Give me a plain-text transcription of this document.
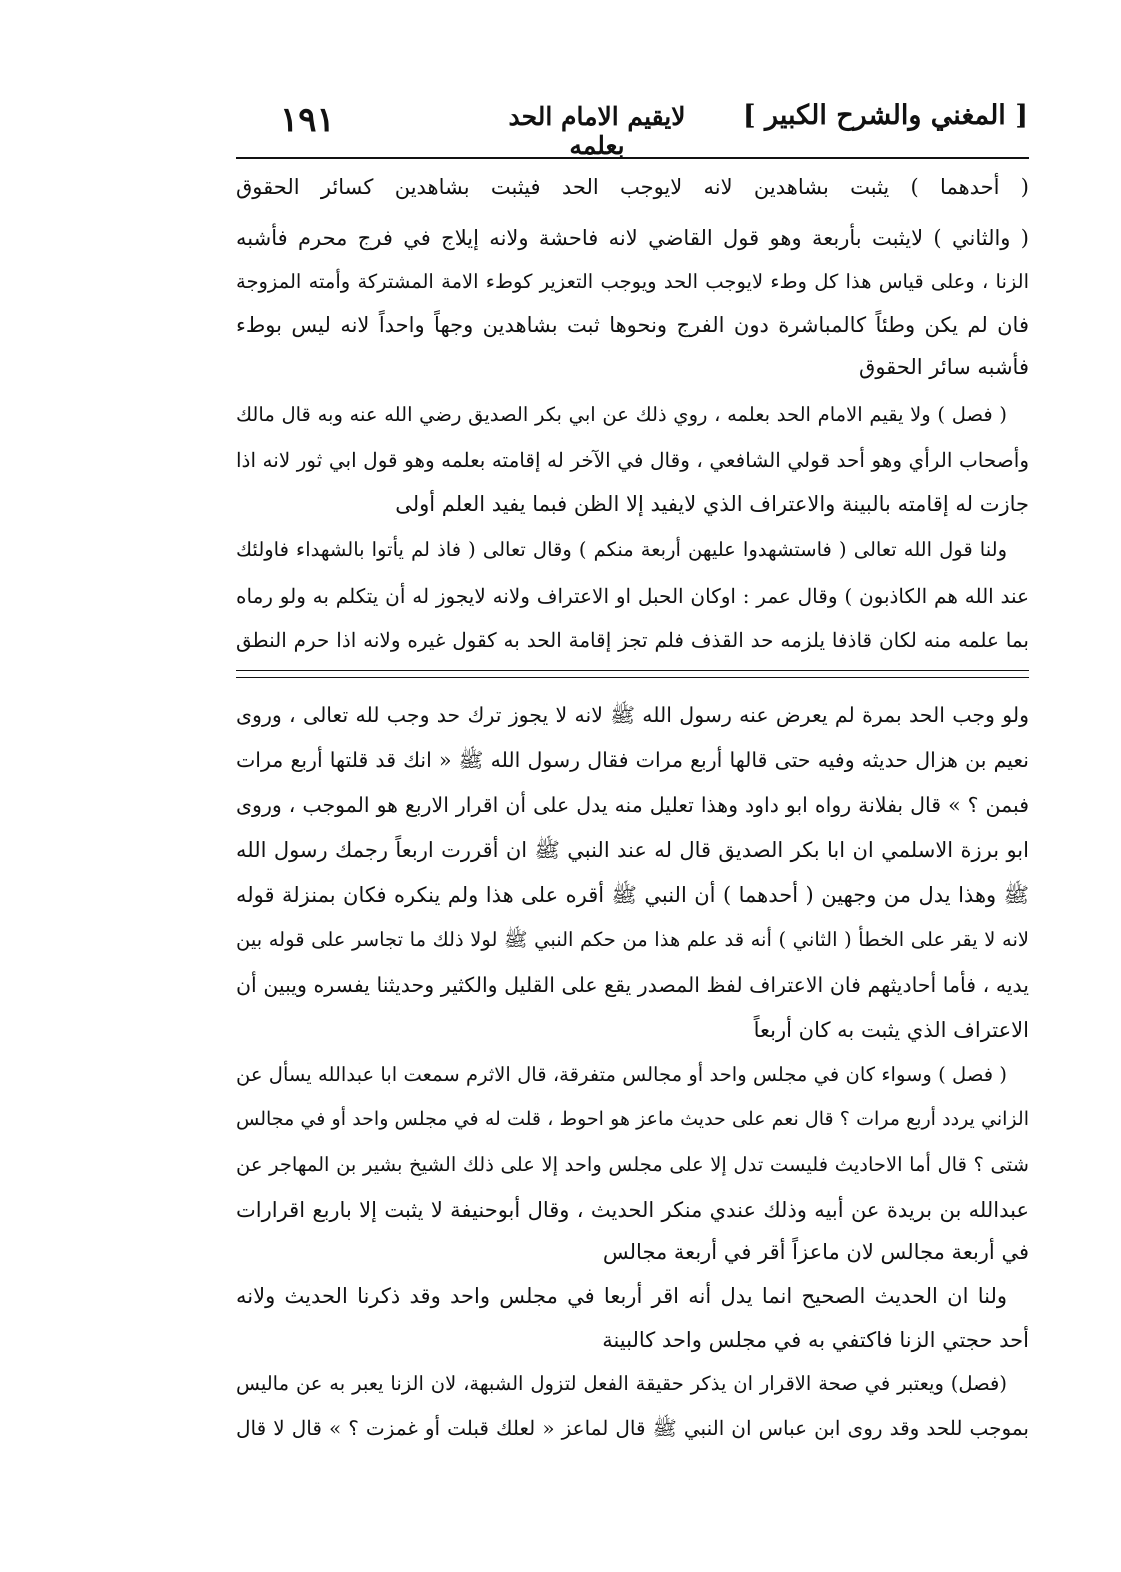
١٩١	لايقيم الامام الحد بعلمه
[ المغني والشرح الكبير ]
( أحدهما ) يثبت بشاهدين لانه لايوجب الحد فيثبت بشاهدين كسائر الحقوق
( والثاني ) لايثبت بأربعة وهو قول القاضي لانه فاحشة ولانه إيلاج في فرج محرم فأشبه
الزنا ، وعلى قياس هذا كل وطء لايوجب الحد ويوجب التعزير كوطء الامة المشتركة وأمته المزوجة
فان لم يكن وطئاً كالمباشرة دون الفرج ونحوها ثبت بشاهدين وجهاً واحداً لانه ليس بوطء
فأشبه سائر الحقوق
( فصل ) ولا يقيم الامام الحد بعلمه ، روي ذلك عن ابي بكر الصديق رضي الله عنه وبه قال مالك
وأصحاب الرأي وهو أحد قولي الشافعي ، وقال في الآخر له إقامته بعلمه وهو قول ابي ثور لانه اذا
جازت له إقامته بالبينة والاعتراف الذي لايفيد إلا الظن فبما يفيد العلم أولى
ولنا قول الله تعالى ( فاستشهدوا عليهن أربعة منكم ) وقال تعالى ( فاذ لم يأتوا بالشهداء فاولئك
عند الله هم الكاذبون ) وقال عمر : اوكان الحبل او الاعتراف ولانه لايجوز له أن يتكلم به ولو رماه
بما علمه منه لكان قاذفا يلزمه حد القذف فلم تجز إقامة الحد به كقول غيره ولانه اذا حرم النطق
ولو وجب الحد بمرة لم يعرض عنه رسول الله ﷺ لانه لا يجوز ترك حد وجب لله تعالى ، وروى
نعيم بن هزال حديثه وفيه حتى قالها أربع مرات فقال رسول الله ﷺ « انك قد قلتها أربع مرات
فبمن ؟ » قال بفلانة رواه ابو داود وهذا تعليل منه يدل على أن اقرار الاربع هو الموجب ، وروى
ابو برزة الاسلمي ان ابا بكر الصديق قال له عند النبي ﷺ ان أقررت اربعاً رجمك رسول الله
ﷺ وهذا يدل من وجهين ( أحدهما ) أن النبي ﷺ أقره على هذا ولم ينكره فكان بمنزلة قوله
لانه لا يقر على الخطأ ( الثاني ) أنه قد علم هذا من حكم النبي ﷺ لولا ذلك ما تجاسر على قوله بين
يديه ، فأما أحاديثهم فان الاعتراف لفظ المصدر يقع على القليل والكثير وحديثنا يفسره ويبين أن
الاعتراف الذي يثبت به كان أربعاً
( فصل ) وسواء كان في مجلس واحد أو مجالس متفرقة، قال الاثرم سمعت ابا عبدالله يسأل عن
الزاني يردد أربع مرات ؟ قال نعم على حديث ماعز هو احوط ، قلت له في مجلس واحد أو في مجالس
شتى ؟ قال أما الاحاديث فليست تدل إلا على مجلس واحد إلا على ذلك الشيخ بشير بن المهاجر عن
عبدالله بن بريدة عن أبيه وذلك عندي منكر الحديث ، وقال أبوحنيفة لا يثبت إلا باربع اقرارات
في أربعة مجالس لان ماعزاً أقر في أربعة مجالس
ولنا ان الحديث الصحيح انما يدل أنه اقر أربعا في مجلس واحد وقد ذكرنا الحديث ولانه
أحد حجتي الزنا فاكتفي به في مجلس واحد كالبينة
(فصل) ويعتبر في صحة الاقرار ان يذكر حقيقة الفعل لتزول الشبهة، لان الزنا يعبر به عن ماليس
بموجب للحد وقد روى ابن عباس ان النبي ﷺ قال لماعز « لعلك قبلت أو غمزت ؟ » قال لا قال
